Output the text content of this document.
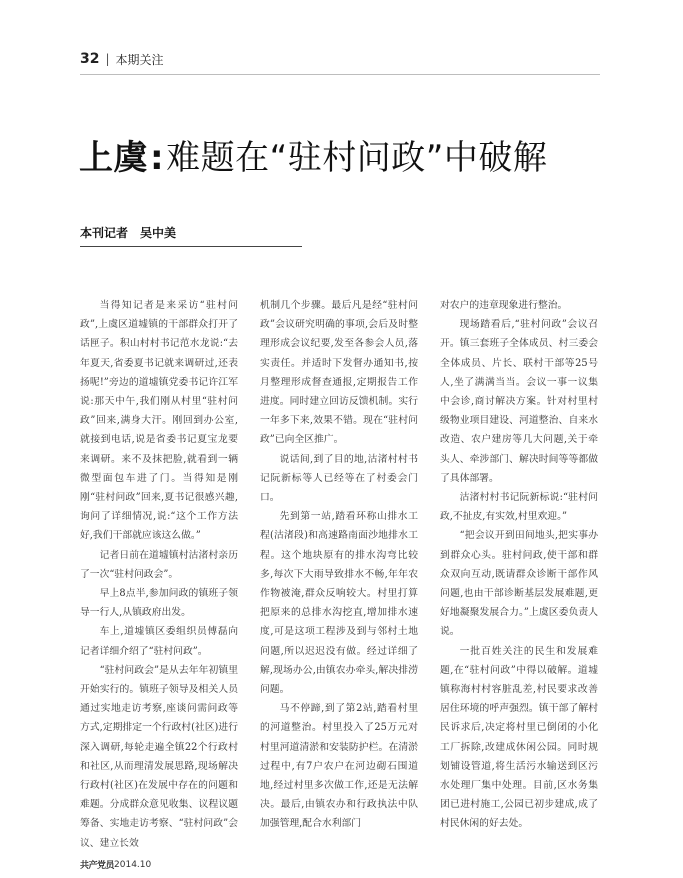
32 | 本期关注
上虞:难题在“驻村问政”中破解
本刊记者 吴中美

当得知记者是来采访“驻村问政”,上虞区道墟镇的干部群众打开了话匣子。积山村村书记范水龙说:“去年夏天,省委夏书记就来调研过,还表扬呢!”旁边的道墟镇党委书记许江军说:那天中午,我们刚从村里“驻村问政”回来,满身大汗。刚回到办公室,就接到电话,说是省委书记夏宝龙要来调研。来不及抹把脸,就看到一辆微型面包车进了门。当得知是刚刚“驻村问政”回来,夏书记很感兴趣,询问了详细情况,说:“这个工作方法好,我们干部就应该这么做。”

记者日前在道墟镇村沽渚村亲历了一次“驻村问政会”。

早上8点半,参加问政的镇班子领导一行人,从镇政府出发。

车上,道墟镇区委组织员傅磊向记者详细介绍了“驻村问政”。

“驻村问政会”是从去年年初镇里开始实行的。镇班子领导及相关人员通过实地走访考察,座谈问需问政等方式,定期排定一个行政村(社区)进行深入调研,每轮走遍全镇22个行政村和社区,从而理清发展思路,现场解决行政村(社区)在发展中存在的问题和难题。分成群众意见收集、议程议题筹备、实地走访考察、“驻村问政”会议、建立长效

机制几个步骤。最后凡是经“驻村问政”会议研究明确的事项,会后及时整理形成会议纪要,发至各参会人员,落实责任。并适时下发督办通知书,按月整理形成督查通报,定期报告工作进度。同时建立回访反馈机制。实行一年多下来,效果不错。现在“驻村问政”已向全区推广。

说话间,到了目的地,沽渚村村书记阮新标等人已经等在了村委会门口。

先到第一站,踏看环称山排水工程(沽渚段)和高速路南面沙地排水工程。这个地块原有的排水沟弯比较多,每次下大雨导致排水不畅,年年农作物被淹,群众反响较大。村里打算把原来的总排水沟挖直,增加排水速度,可是这项工程涉及到与邻村土地问题,所以迟迟没有做。经过详细了解,现场办公,由镇农办牵头,解决排涝问题。

马不停蹄,到了第2站,踏看村里的河道整治。村里投入了25万元对村里河道清淤和安装防护栏。在清淤过程中,有7户农户在河边砌石围道地,经过村里多次做工作,还是无法解决。最后,由镇农办和行政执法中队加强管理,配合水利部门

对农户的违章现象进行整治。

现场踏看后,“驻村问政”会议召开。镇三套班子全体成员、村三委会全体成员、片长、联村干部等25号人,坐了满满当当。会议一事一议集中会诊,商讨解决方案。针对村里村级物业项目建设、河道整治、自来水改造、农户建房等几大问题,关于牵头人、牵涉部门、解决时间等等都做了具体部署。

沽渚村村书记阮新标说:“驻村问政,不扯皮,有实效,村里欢迎。”

“把会议开到田间地头,把实事办到群众心头。驻村问政,使干部和群众双向互动,既请群众诊断干部作风问题,也由干部诊断基层发展难题,更好地凝聚发展合力。”上虞区委负责人说。

一批百姓关注的民生和发展难题,在“驻村问政”中得以破解。道墟镇称海村村容脏乱差,村民要求改善居住环境的呼声强烈。镇干部了解村民诉求后,决定将村里已倒闭的小化工厂拆除,改建成休闲公园。同时规划铺设管道,将生活污水输送到区污水处理厂集中处理。目前,区水务集团已进村施工,公园已初步建成,成了村民休闲的好去处。

共产党员 2014.10
